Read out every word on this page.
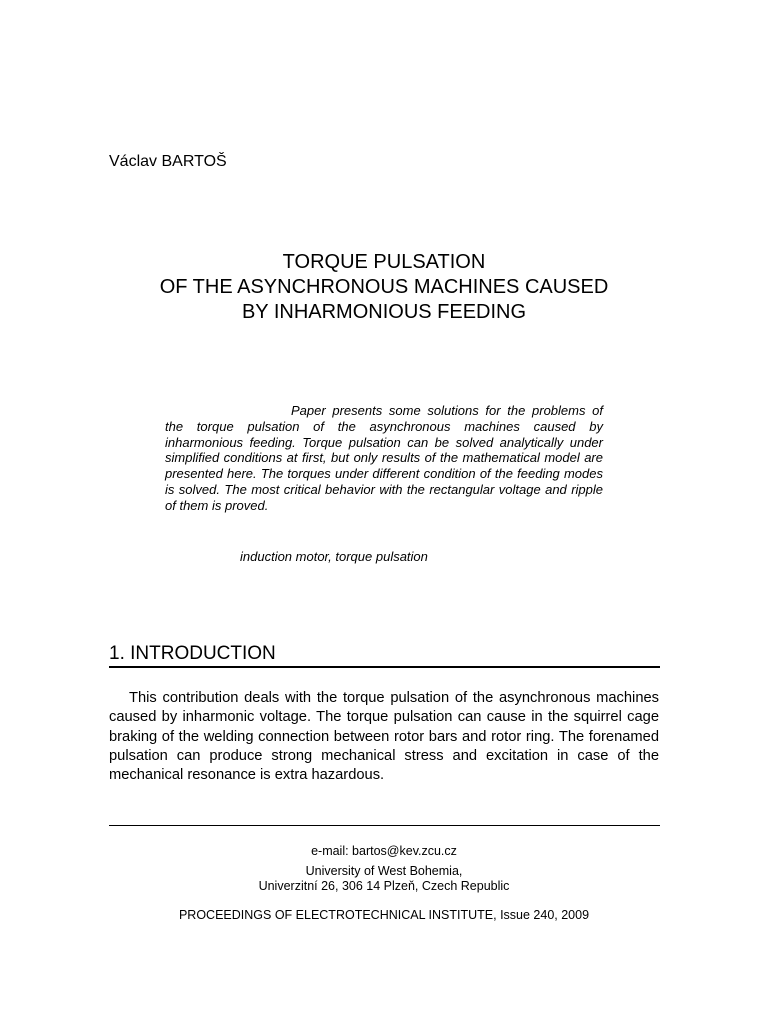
Václav BARTOŠ
TORQUE PULSATION
OF THE ASYNCHRONOUS MACHINES CAUSED
BY INHARMONIOUS FEEDING
Paper presents some solutions for the problems of the torque pulsation of the asynchronous machines caused by inharmonious feeding. Torque pulsation can be solved analytically under simplified conditions at first, but only results of the mathematical model are presented here. The torques under different condition of the feeding modes is solved. The most critical behavior with the rectangular voltage and ripple of them is proved.
induction motor, torque pulsation
1. INTRODUCTION
This contribution deals with the torque pulsation of the asynchronous machines caused by inharmonic voltage. The torque pulsation can cause in the squirrel cage braking of the welding connection between rotor bars and rotor ring. The forenamed pulsation can produce strong mechanical stress and excitation in case of the mechanical resonance is extra hazardous.
e-mail: bartos@kev.zcu.cz
University of West Bohemia,
Univerzitní 26, 306 14 Plzeň, Czech Republic
PROCEEDINGS OF ELECTROTECHNICAL INSTITUTE, Issue 240, 2009
